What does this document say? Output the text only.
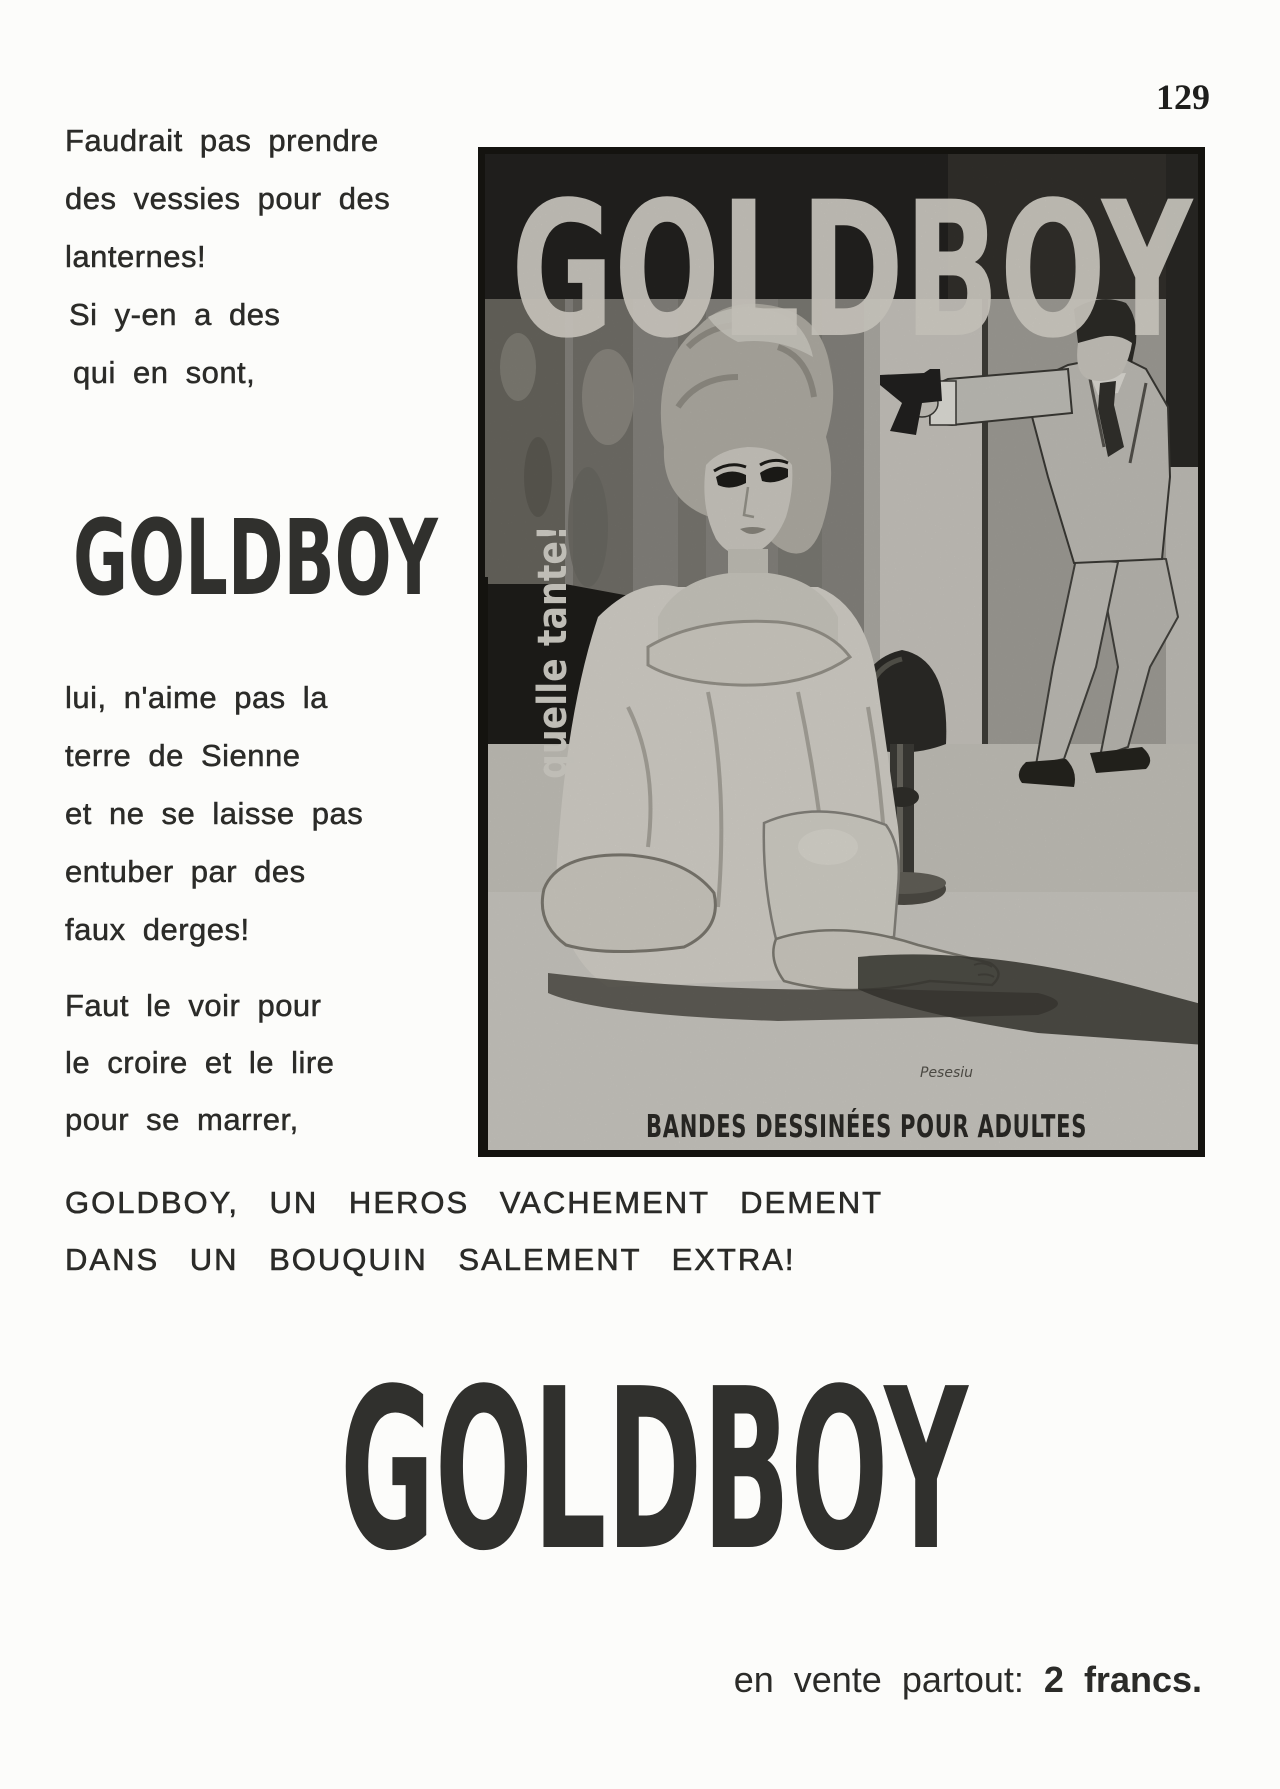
129
Faudrait pas prendre
des vessies pour des
lanternes!
Si y-en a des
qui en sont,
GOLDBOY
lui, n'aime pas la
terre de Sienne
et ne se laisse pas
entuber par des
faux derges!
Faut le voir pour
le croire et le lire
pour se marrer,
GOLDBOY, UN HEROS VACHEMENT DEMENT
DANS UN BOUQUIN SALEMENT EXTRA!
GOLDBOY
en vente partout: 2 francs.
GOLDBOY
quelle tante!
BANDES DESSINÉES POUR ADULTES
Pesesiu
